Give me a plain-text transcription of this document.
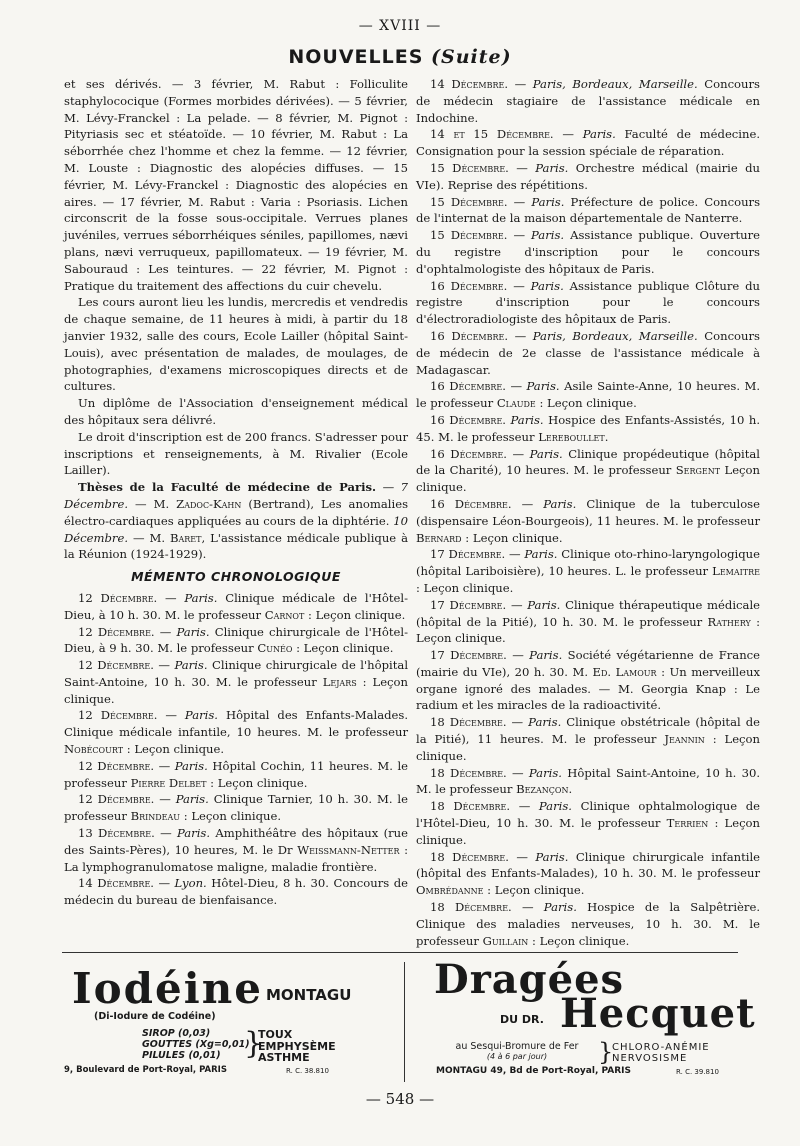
— XVIII —
NOUVELLES (Suite)

et ses dérivés. — 3 février, M. Rabut : Folliculite staphylococique (Formes morbides dérivées). — 5 février, M. Lévy-Franckel : La pelade. — 8 février, M. Pignot : Pityriasis sec et stéatoïde. — 10 février, M. Rabut : La séborrhée chez l'homme et chez la femme. — 12 février, M. Louste : Diagnostic des alopécies diffuses. — 15 février, M. Lévy-Franckel : Diagnostic des alopécies en aires. — 17 février, M. Rabut : Varia : Psoriasis. Lichen circonscrit de la fosse sous-occipitale. Verrues planes juvéniles, verrues séborrhéiques séniles, papillomes, nævi plans, nævi verruqueux, papillomateux. — 19 février, M. Sabouraud : Les teintures. — 22 février, M. Pignot : Pratique du traitement des affections du cuir chevelu.

Les cours auront lieu les lundis, mercredis et vendredis de chaque semaine, de 11 heures à midi, à partir du 18 janvier 1932, salle des cours, Ecole Lailler (hôpital Saint-Louis), avec présentation de malades, de moulages, de photographies, d'examens microscopiques directs et de cultures.

Un diplôme de l'Association d'enseignement médical des hôpitaux sera délivré.

Le droit d'inscription est de 200 francs. S'adresser pour inscriptions et renseignements, à M. Rivalier (Ecole Lailler).

Thèses de la Faculté de médecine de Paris. — 7 Décembre. — M. Zadoc-Kahn (Bertrand), Les anomalies électro-cardiaques appliquées au cours de la diphtérie. 10 Décembre. — M. Baret, L'assistance médicale publique à la Réunion (1924-1929).

MÉMENTO CHRONOLOGIQUE

12 Décembre. — Paris. Clinique médicale de l'Hôtel-Dieu, à 10 h. 30. M. le professeur Carnot : Leçon clinique.

12 Décembre. — Paris. Clinique chirurgicale de l'Hôtel-Dieu, à 9 h. 30. M. le professeur Cunéo : Leçon clinique.

12 Décembre. — Paris. Clinique chirurgicale de l'hôpital Saint-Antoine, 10 h. 30. M. le professeur Lejars : Leçon clinique.

12 Décembre. — Paris. Hôpital des Enfants-Malades. Clinique médicale infantile, 10 heures. M. le professeur Nobécourt : Leçon clinique.

12 Décembre. — Paris. Hôpital Cochin, 11 heures. M. le professeur Pierre Delbet : Leçon clinique.

12 Décembre. — Paris. Clinique Tarnier, 10 h. 30. M. le professeur Brindeau : Leçon clinique.

13 Décembre. — Paris. Amphithéâtre des hôpitaux (rue des Saints-Pères), 10 heures, M. le Dr Weissmann-Netter : La lymphogranulomatose maligne, maladie frontière.

14 Décembre. — Lyon. Hôtel-Dieu, 8 h. 30. Concours de médecin du bureau de bienfaisance.

14 Décembre. — Paris, Bordeaux, Marseille. Concours de médecin stagiaire de l'assistance médicale en Indochine.

14 et 15 Décembre. — Paris. Faculté de médecine. Consignation pour la session spéciale de réparation.

15 Décembre. — Paris. Orchestre médical (mairie du VIe). Reprise des répétitions.

15 Décembre. — Paris. Préfecture de police. Concours de l'internat de la maison départementale de Nanterre.

15 Décembre. — Paris. Assistance publique. Ouverture du registre d'inscription pour le concours d'ophtalmologiste des hôpitaux de Paris.

16 Décembre. — Paris. Assistance publique Clôture du registre d'inscription pour le concours d'électroradiologiste des hôpitaux de Paris.

16 Décembre. — Paris, Bordeaux, Marseille. Concours de médecin de 2e classe de l'assistance médicale à Madagascar.

16 Décembre. — Paris. Asile Sainte-Anne, 10 heures. M. le professeur Claude : Leçon clinique.

16 Décembre. Paris. Hospice des Enfants-Assistés, 10 h. 45. M. le professeur Lereboullet.

16 Décembre. — Paris. Clinique propédeutique (hôpital de la Charité), 10 heures. M. le professeur Sergent Leçon clinique.

16 Décembre. — Paris. Clinique de la tuberculose (dispensaire Léon-Bourgeois), 11 heures. M. le professeur Bernard : Leçon clinique.

17 Décembre. — Paris. Clinique oto-rhino-laryngologique (hôpital Lariboisière), 10 heures. L. le professeur Lemaitre : Leçon clinique.

17 Décembre. — Paris. Clinique thérapeutique médicale (hôpital de la Pitié), 10 h. 30. M. le professeur Rathery : Leçon clinique.

17 Décembre. — Paris. Société végétarienne de France (mairie du VIe), 20 h. 30. M. Ed. Lamour : Un merveilleux organe ignoré des malades. — M. Georgia Knap : Le radium et les miracles de la radioactivité.

18 Décembre. — Paris. Clinique obstétricale (hôpital de la Pitié), 11 heures. M. le professeur Jeannin : Leçon clinique.

18 Décembre. — Paris. Hôpital Saint-Antoine, 10 h. 30. M. le professeur Bezançon.

18 Décembre. — Paris. Clinique ophtalmologique de l'Hôtel-Dieu, 10 h. 30. M. le professeur Terrien : Leçon clinique.

18 Décembre. — Paris. Clinique chirurgicale infantile (hôpital des Enfants-Malades), 10 h. 30. M. le professeur Ombrédanne : Leçon clinique.

18 Décembre. — Paris. Hospice de la Salpêtrière. Clinique des maladies nerveuses, 10 h. 30. M. le professeur Guillain : Leçon clinique.

Iodéine MONTAGU
(Di-Iodure de Codéine)
SIROP (0,03)
GOUTTES (Xg=0,01)
PILULES (0,01) }
TOUX
EMPHYSÈME
ASTHME
9, Boulevard de Port-Royal, PARIS	R. C. 38.810
Dragées
DU DR. Hecquet
au Sesqui-Bromure de Fer
(4 à 6 par jour)	}
CHLORO-ANÉMIE
NERVOSISME
MONTAGU 49, Bd de Port-Royal, PARIS	R. C. 39.810
— 548 —
